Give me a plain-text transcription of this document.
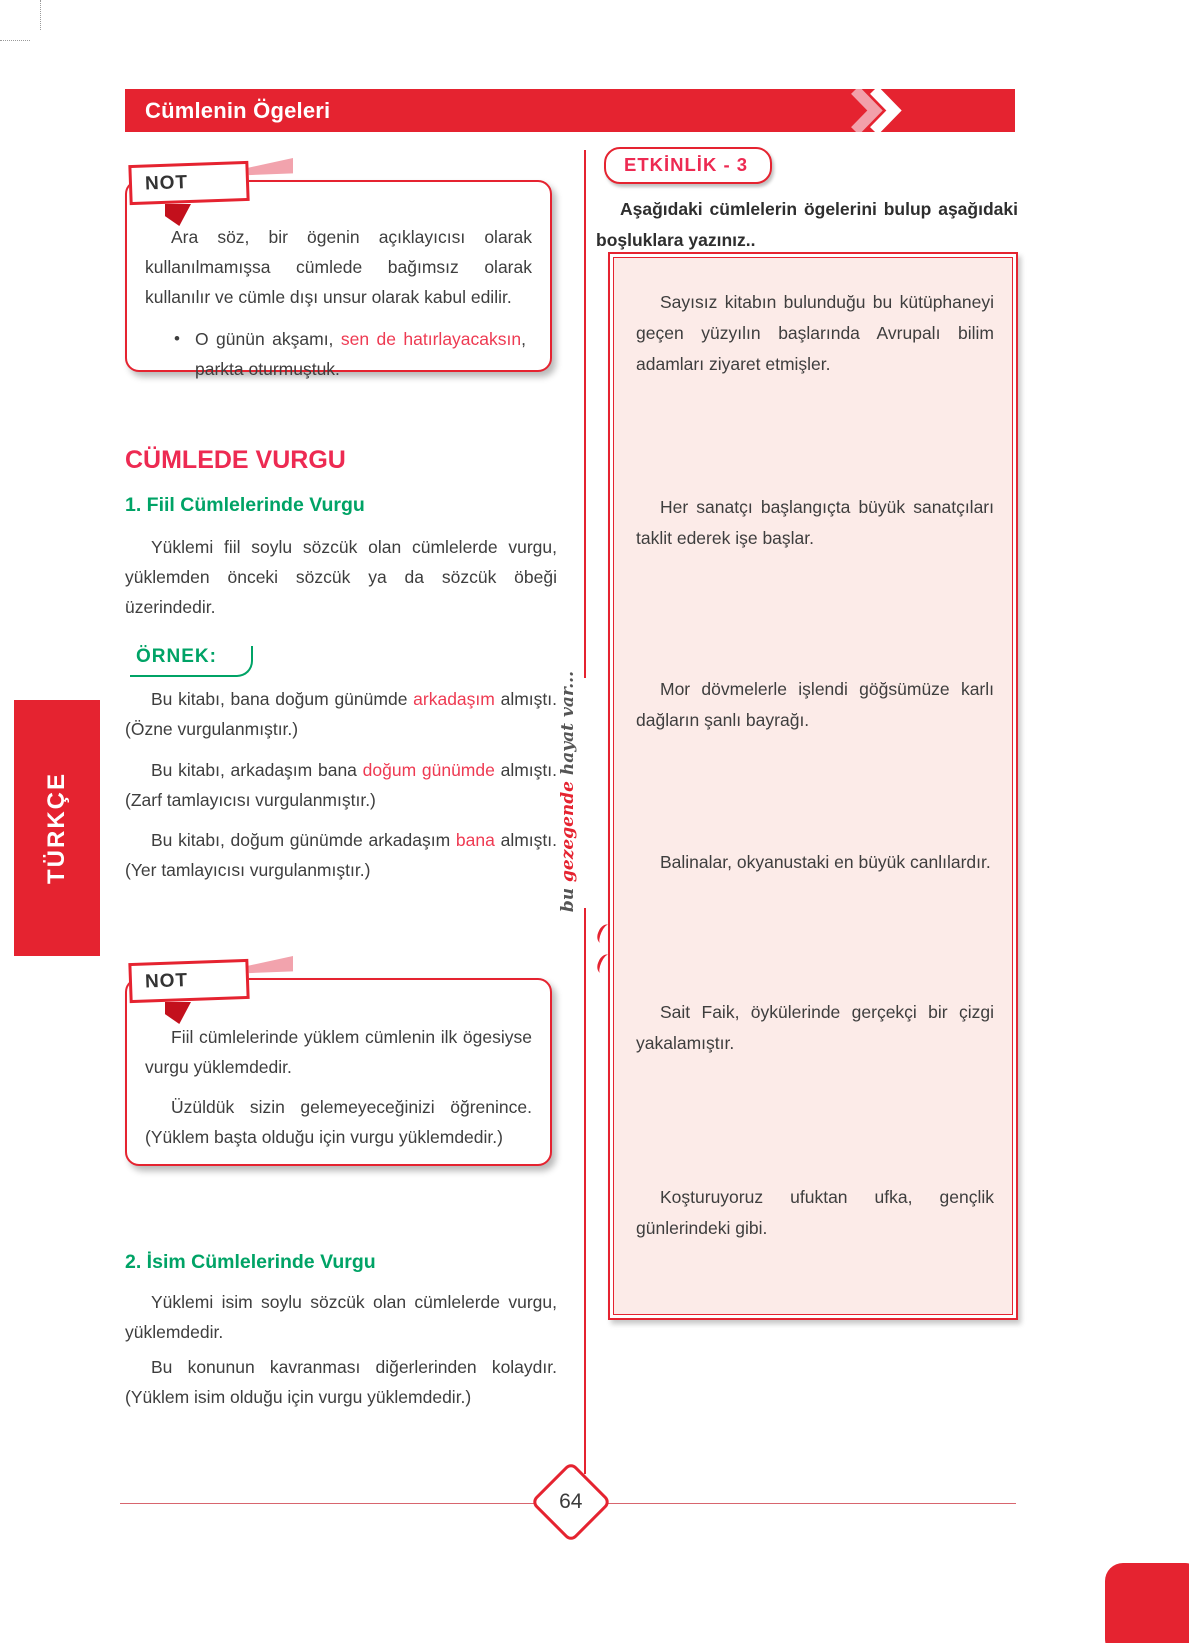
Cümlenin Ögeleri
NOT

Ara söz, bir ögenin açıklayıcısı olarak kullanılmamışsa cümlede bağımsız olarak kullanılır ve cümle dışı unsur olarak kabul edilir.

• O günün akşamı, sen de hatırlayacaksın, parkta oturmuştuk.
CÜMLEDE VURGU
1. Fiil Cümlelerinde Vurgu

Yüklemi fiil soylu sözcük olan cümlelerde vurgu, yüklemden önceki sözcük ya da sözcük öbeği üzerindedir.

ÖRNEK:

Bu kitabı, bana doğum günümde arkadaşım almıştı. (Özne vurgulanmıştır.)

Bu kitabı, arkadaşım bana doğum günümde almıştı. (Zarf tamlayıcısı vurgulanmıştır.)

Bu kitabı, doğum günümde arkadaşım bana almıştı. (Yer tamlayıcısı vurgulanmıştır.)

NOT

Fiil cümlelerinde yüklem cümlenin ilk ögesiyse vurgu yüklemdedir.

Üzüldük sizin gelemeyeceğinizi öğrenince. (Yüklem başta olduğu için vurgu yüklemdedir.)

2. İsim Cümlelerinde Vurgu

Yüklemi isim soylu sözcük olan cümlelerde vurgu, yüklemdedir.

Bu konunun kavranması diğerlerinden kolaydır. (Yüklem isim olduğu için vurgu yüklemdedir.)

ETKİNLİK - 3

Aşağıdaki cümlelerin ögelerini bulup aşağıdaki boşluklara yazınız..

Sayısız kitabın bulunduğu bu kütüphaneyi geçen yüzyılın başlarında Avrupalı bilim adamları ziyaret etmişler.

Her sanatçı başlangıçta büyük sanatçıları taklit ederek işe başlar.

Mor dövmelerle işlendi göğsümüze karlı dağların şanlı bayrağı.

Balinalar, okyanustaki en büyük canlılardır.

Sait Faik, öykülerinde gerçekçi bir çizgi yakalamıştır.

Koşturuyoruz ufuktan ufka, gençlik günlerindeki gibi.

TÜRKÇE
bu gezegende hayat var...
64
